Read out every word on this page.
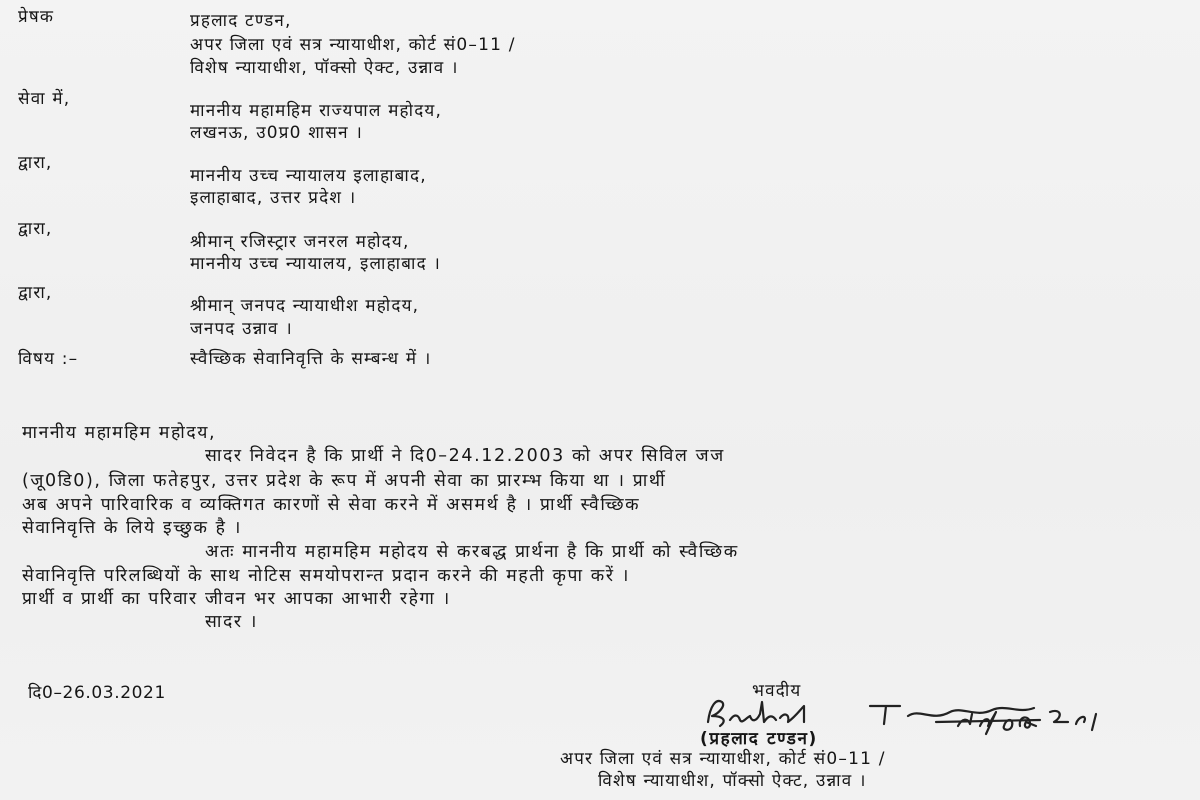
प्रेषक	प्रहलाद टण्डन,
अपर जिला एवं सत्र न्यायाधीश, कोर्ट सं0–11 /
विशेष न्यायाधीश, पॉक्सो ऐक्ट, उन्नाव ।
सेवा में,
माननीय महामहिम राज्यपाल महोदय,
लखनऊ, उ0प्र0 शासन ।
द्वारा,
माननीय उच्च न्यायालय इलाहाबाद,
इलाहाबाद, उत्तर प्रदेश ।
द्वारा,
श्रीमान् रजिस्ट्रार जनरल महोदय,
माननीय उच्च न्यायालय, इलाहाबाद ।
द्वारा,
श्रीमान् जनपद न्यायाधीश महोदय,
जनपद उन्नाव ।
विषय :–	स्वैच्छिक सेवानिवृत्ति के सम्बन्ध में ।
माननीय महामहिम महोदय,
सादर निवेदन है कि प्रार्थी ने दि0–24.12.2003 को अपर सिविल जज
(जू0डि0), जिला फतेहपुर, उत्तर प्रदेश के रूप में अपनी सेवा का प्रारम्भ किया था । प्रार्थी
अब अपने पारिवारिक व व्यक्तिगत कारणों से सेवा करने में असमर्थ है । प्रार्थी स्वैच्छिक
सेवानिवृत्ति के लिये इच्छुक है ।
अतः माननीय महामहिम महोदय से करबद्ध प्रार्थना है कि प्रार्थी को स्वैच्छिक
सेवानिवृत्ति परिलब्धियों के साथ नोटिस समयोपरान्त प्रदान करने की महती कृपा करें ।
प्रार्थी व प्रार्थी का परिवार जीवन भर आपका आभारी रहेगा ।
सादर ।
दि0–26.03.2021	भवदीय
(प्रहलाद टण्डन)
अपर जिला एवं सत्र न्यायाधीश, कोर्ट सं0–11 /
विशेष न्यायाधीश, पॉक्सो ऐक्ट, उन्नाव ।
